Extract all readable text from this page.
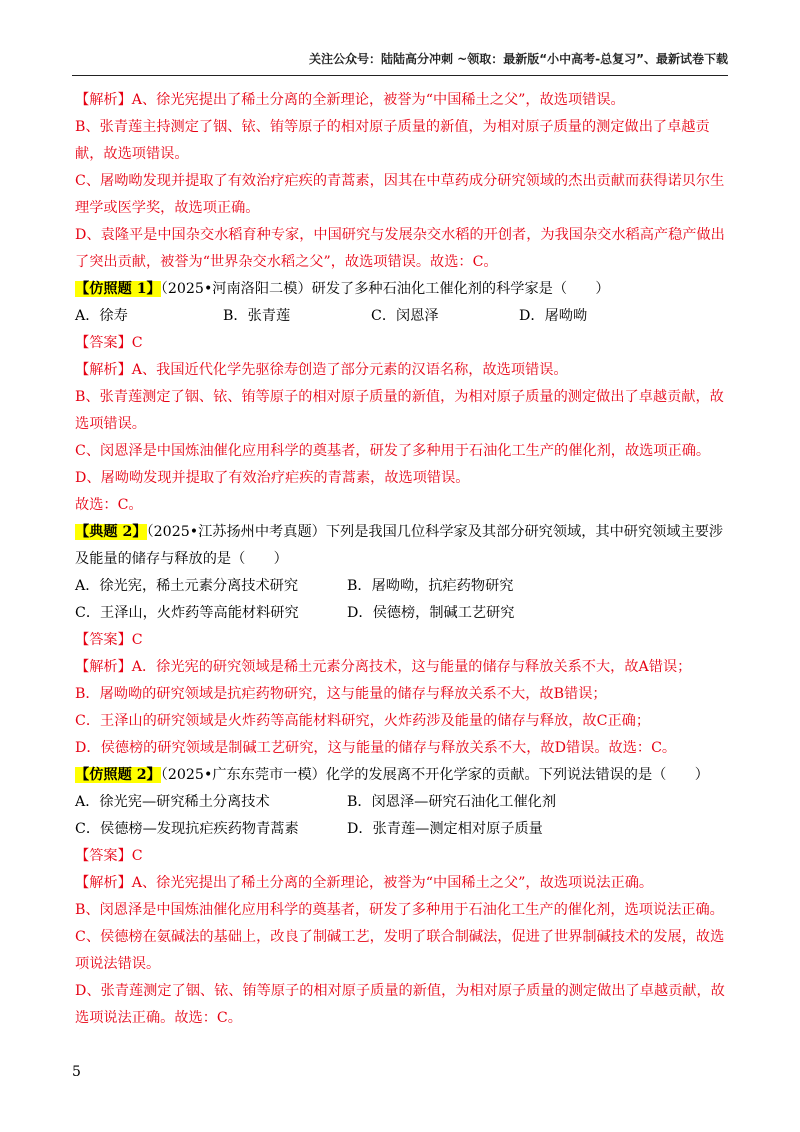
关注公众号：陆陆高分冲刺 ~领取：最新版“小中高考-总复习”、最新试卷下载

【解析】A、徐光宪提出了稀土分离的全新理论，被誉为“中国稀土之父”，故选项错误。

B、张青莲主持测定了铟、铱、铕等原子的相对原子质量的新值，为相对原子质量的测定做出了卓越贡献，故选项错误。

C、屠呦呦发现并提取了有效治疗疟疾的青蒿素，因其在中草药成分研究领域的杰出贡献而获得诺贝尔生理学或医学奖，故选项正确。

D、袁隆平是中国杂交水稻育种专家，中国研究与发展杂交水稻的开创者，为我国杂交水稻高产稳产做出了突出贡献，被誉为“世界杂交水稻之父”，故选项错误。故选：C。

【仿照题 1】（2025•河南洛阳二模）研发了多种石油化工催化剂的科学家是（　　）

A．徐寿	B．张青莲	C．闵恩泽	D．屠呦呦

【答案】C

【解析】A、我国近代化学先驱徐寿创造了部分元素的汉语名称，故选项错误。

B、张青莲测定了铟、铱、铕等原子的相对原子质量的新值，为相对原子质量的测定做出了卓越贡献，故选项错误。

C、闵恩泽是中国炼油催化应用科学的奠基者，研发了多种用于石油化工生产的催化剂，故选项正确。

D、屠呦呦发现并提取了有效治疗疟疾的青蒿素，故选项错误。

故选：C。

【典题 2】（2025•江苏扬州中考真题）下列是我国几位科学家及其部分研究领域，其中研究领域主要涉及能量的储存与释放的是（　　）

A．徐光宪，稀土元素分离技术研究	B．屠呦呦，抗疟药物研究

C．王泽山，火炸药等高能材料研究	D．侯德榜，制碱工艺研究

【答案】C

【解析】A．徐光宪的研究领域是稀土元素分离技术，这与能量的储存与释放关系不大，故A错误；

B．屠呦呦的研究领域是抗疟药物研究，这与能量的储存与释放关系不大，故B错误；

C．王泽山的研究领域是火炸药等高能材料研究，火炸药涉及能量的储存与释放，故C正确；

D．侯德榜的研究领域是制碱工艺研究，这与能量的储存与释放关系不大，故D错误。故选：C。

【仿照题 2】（2025•广东东莞市一模）化学的发展离不开化学家的贡献。下列说法错误的是（　　）

A．徐光宪—研究稀土分离技术	B．闵恩泽—研究石油化工催化剂

C．侯德榜—发现抗疟疾药物青蒿素	D．张青莲—测定相对原子质量

【答案】C

【解析】A、徐光宪提出了稀土分离的全新理论，被誉为“中国稀土之父”，故选项说法正确。

B、闵恩泽是中国炼油催化应用科学的奠基者，研发了多种用于石油化工生产的催化剂，选项说法正确。

C、侯德榜在氨碱法的基础上，改良了制碱工艺，发明了联合制碱法，促进了世界制碱技术的发展，故选项说法错误。

D、张青莲测定了铟、铱、铕等原子的相对原子质量的新值，为相对原子质量的测定做出了卓越贡献，故选项说法正确。故选：C。

5
